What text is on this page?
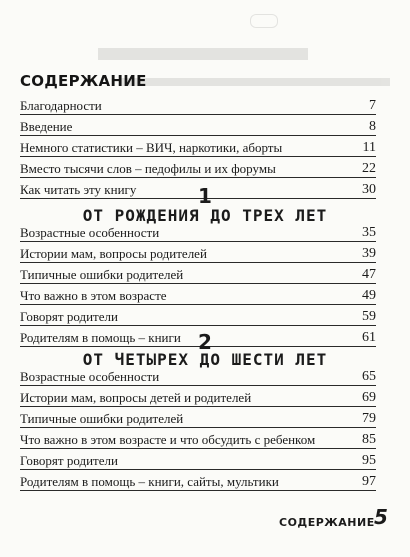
СОДЕРЖАНИЕ
Благодарности	7
Введение	8
Немного статистики – ВИЧ, наркотики, аборты	11
Вместо тысячи слов – педофилы и их форумы	22
Как читать эту книгу	30
1
ОТ РОЖДЕНИЯ ДО ТРЕХ ЛЕТ
Возрастные особенности	35
Истории мам, вопросы родителей	39
Типичные ошибки родителей	47
Что важно в этом возрасте	49
Говорят родители	59
Родителям в помощь – книги	61
2
ОТ ЧЕТЫРЕХ ДО ШЕСТИ ЛЕТ
Возрастные особенности	65
Истории мам, вопросы детей и родителей	69
Типичные ошибки родителей	79
Что важно в этом возрасте и что обсудить с ребенком	85
Говорят родители	95
Родителям в помощь – книги, сайты, мультики	97
СОДЕРЖАНИЕ 5
